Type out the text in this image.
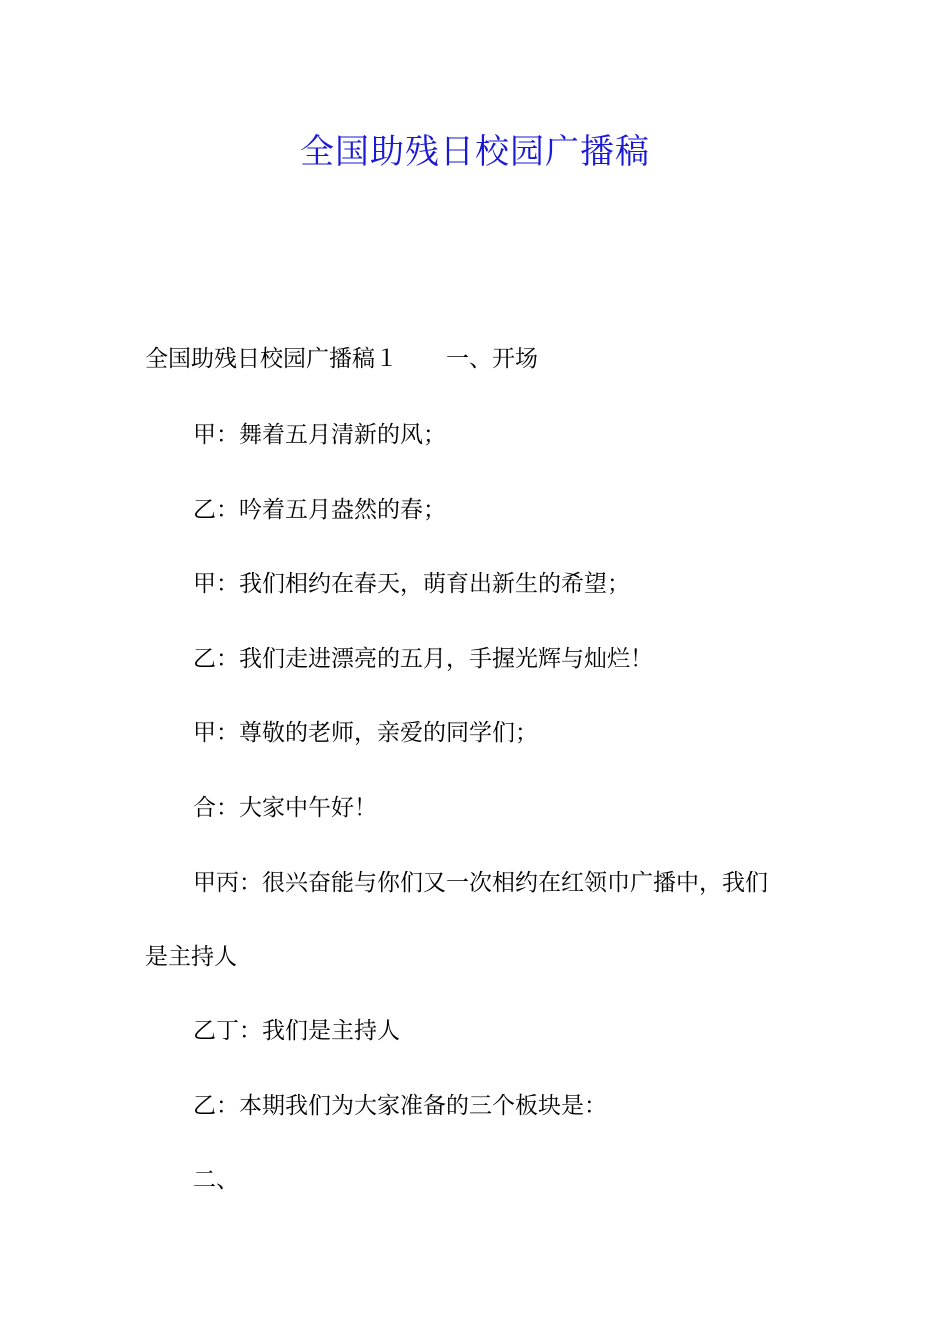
全国助残日校园广播稿
全国助残日校园广播稿１ 一、开场
甲：舞着五月清新的风；
乙：吟着五月盎然的春；
甲：我们相约在春天，萌育出新生的希望；
乙：我们走进漂亮的五月，手握光辉与灿烂！
甲：尊敬的老师，亲爱的同学们；
合：大家中午好！
甲丙：很兴奋能与你们又一次相约在红领巾广播中，我们
是主持人
乙丁：我们是主持人
乙：本期我们为大家准备的三个板块是：
二、
